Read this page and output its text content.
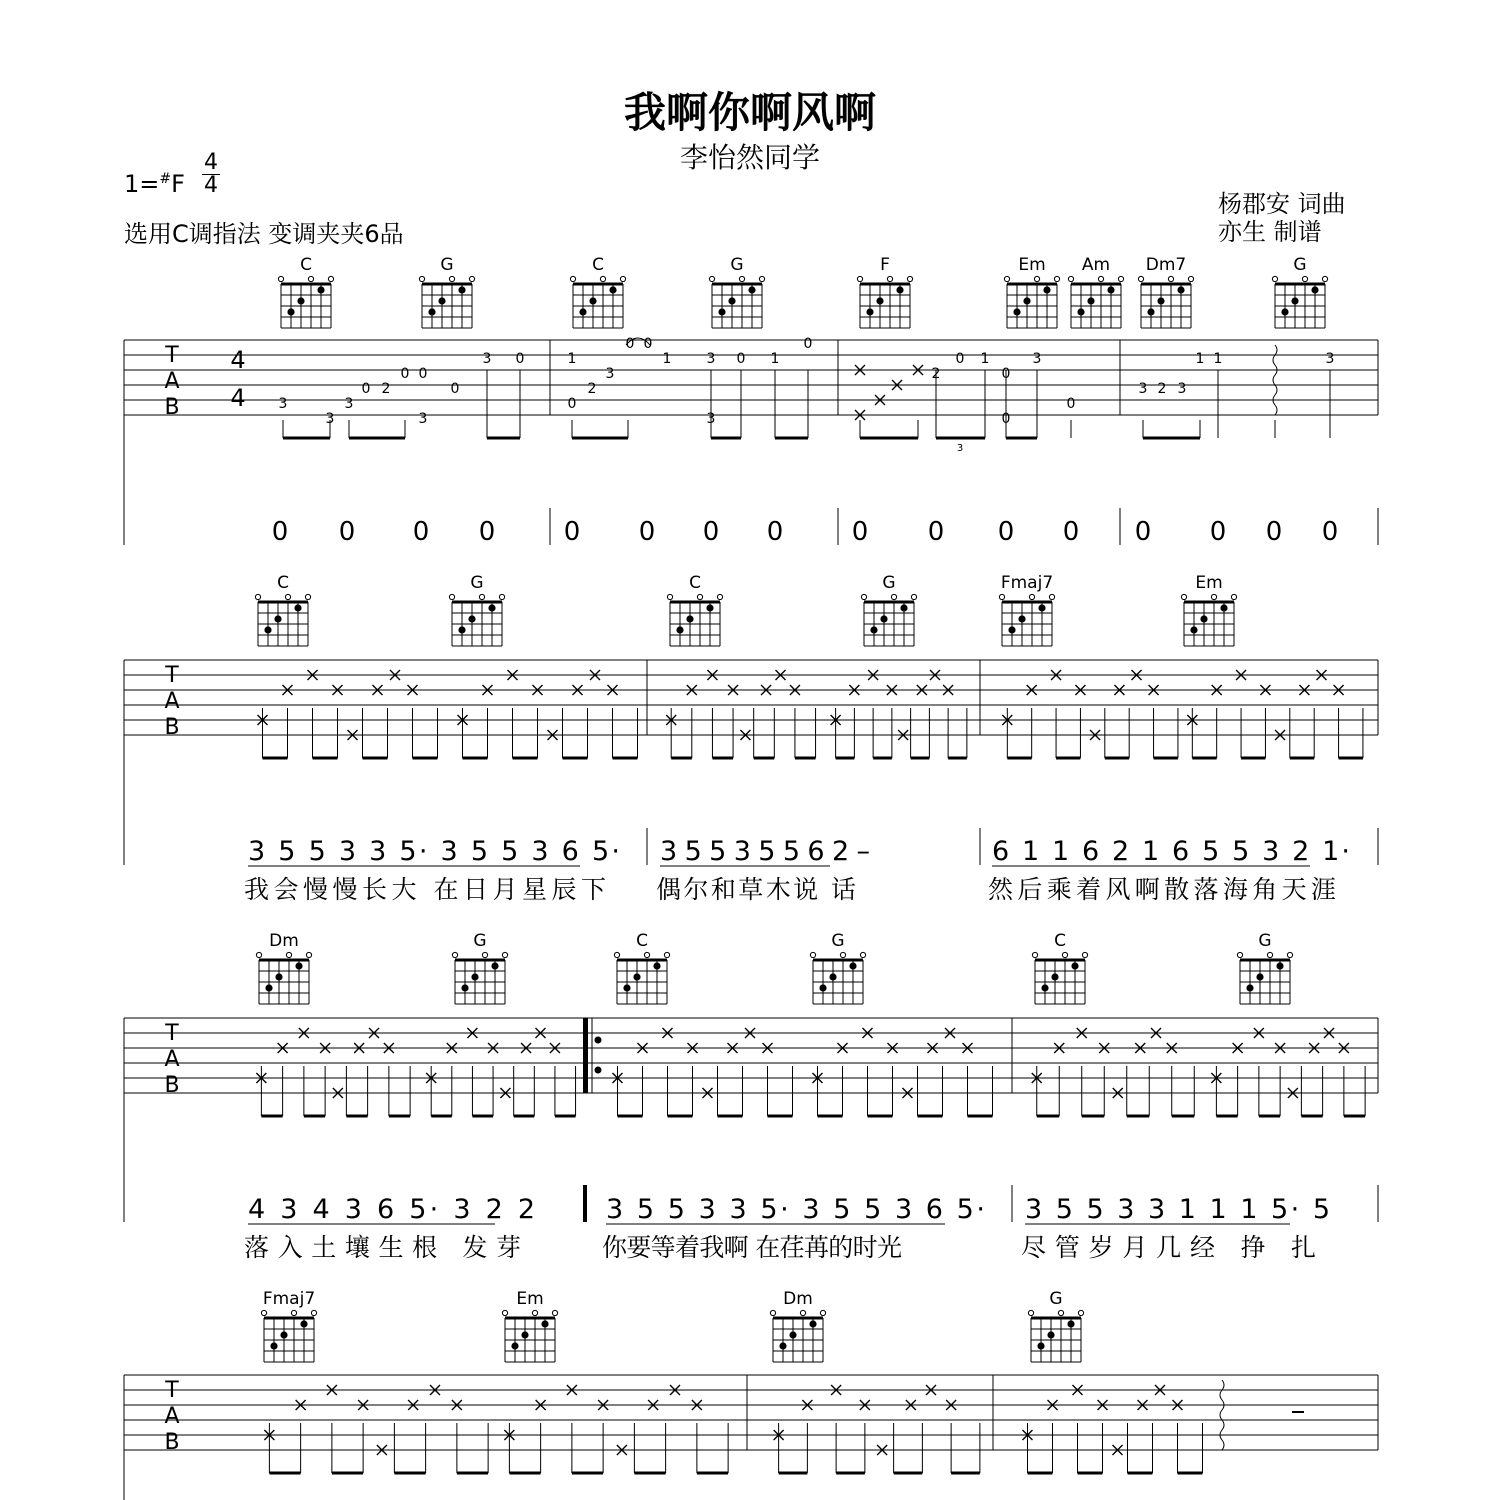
我啊你啊风啊
李怡然同学
1=#F
4
4
选用C调指法 变调夹夹6品
杨郡安 词曲
亦生 制谱
C	G	C	G	F	Em Am Dm7	G
T
A
B
4
4 3
3
3
0 2
0 0
3
0
3 0	1
2
0
3
0 0
1	3 0 1
3
0
2
0 1
0
3
0
0
3 2 3
1 1	3
3
0 0 0 0	0 0 0 0	0 0 0 0 0 0 0 0
C	G	C	G	Fmaj7	Em
T
A
B
3 5 5 3 3 5· 3 5 5 3 6 5·
我会慢慢长大 在日月星辰下
3 5 5 3 5 5 6 2 –
偶尔和草木说 话
6 1 1 6 2 1 6 5 5 3 2 1·
然后乘着风啊散落海角天涯
Dm	G	C	G	C	G
T
A
B
4 3 4 3 6 5· 3 2 2
落入土壤生根 发芽
3 5 5 3 3 5· 3 5 5 3 6 5·
你要等着我啊 在荏苒的时光
3 5 5 3 3 1 1 1 5· 5
尽管岁月几经 挣 扎
Fmaj7	Em	Dm	G
T
A
B
